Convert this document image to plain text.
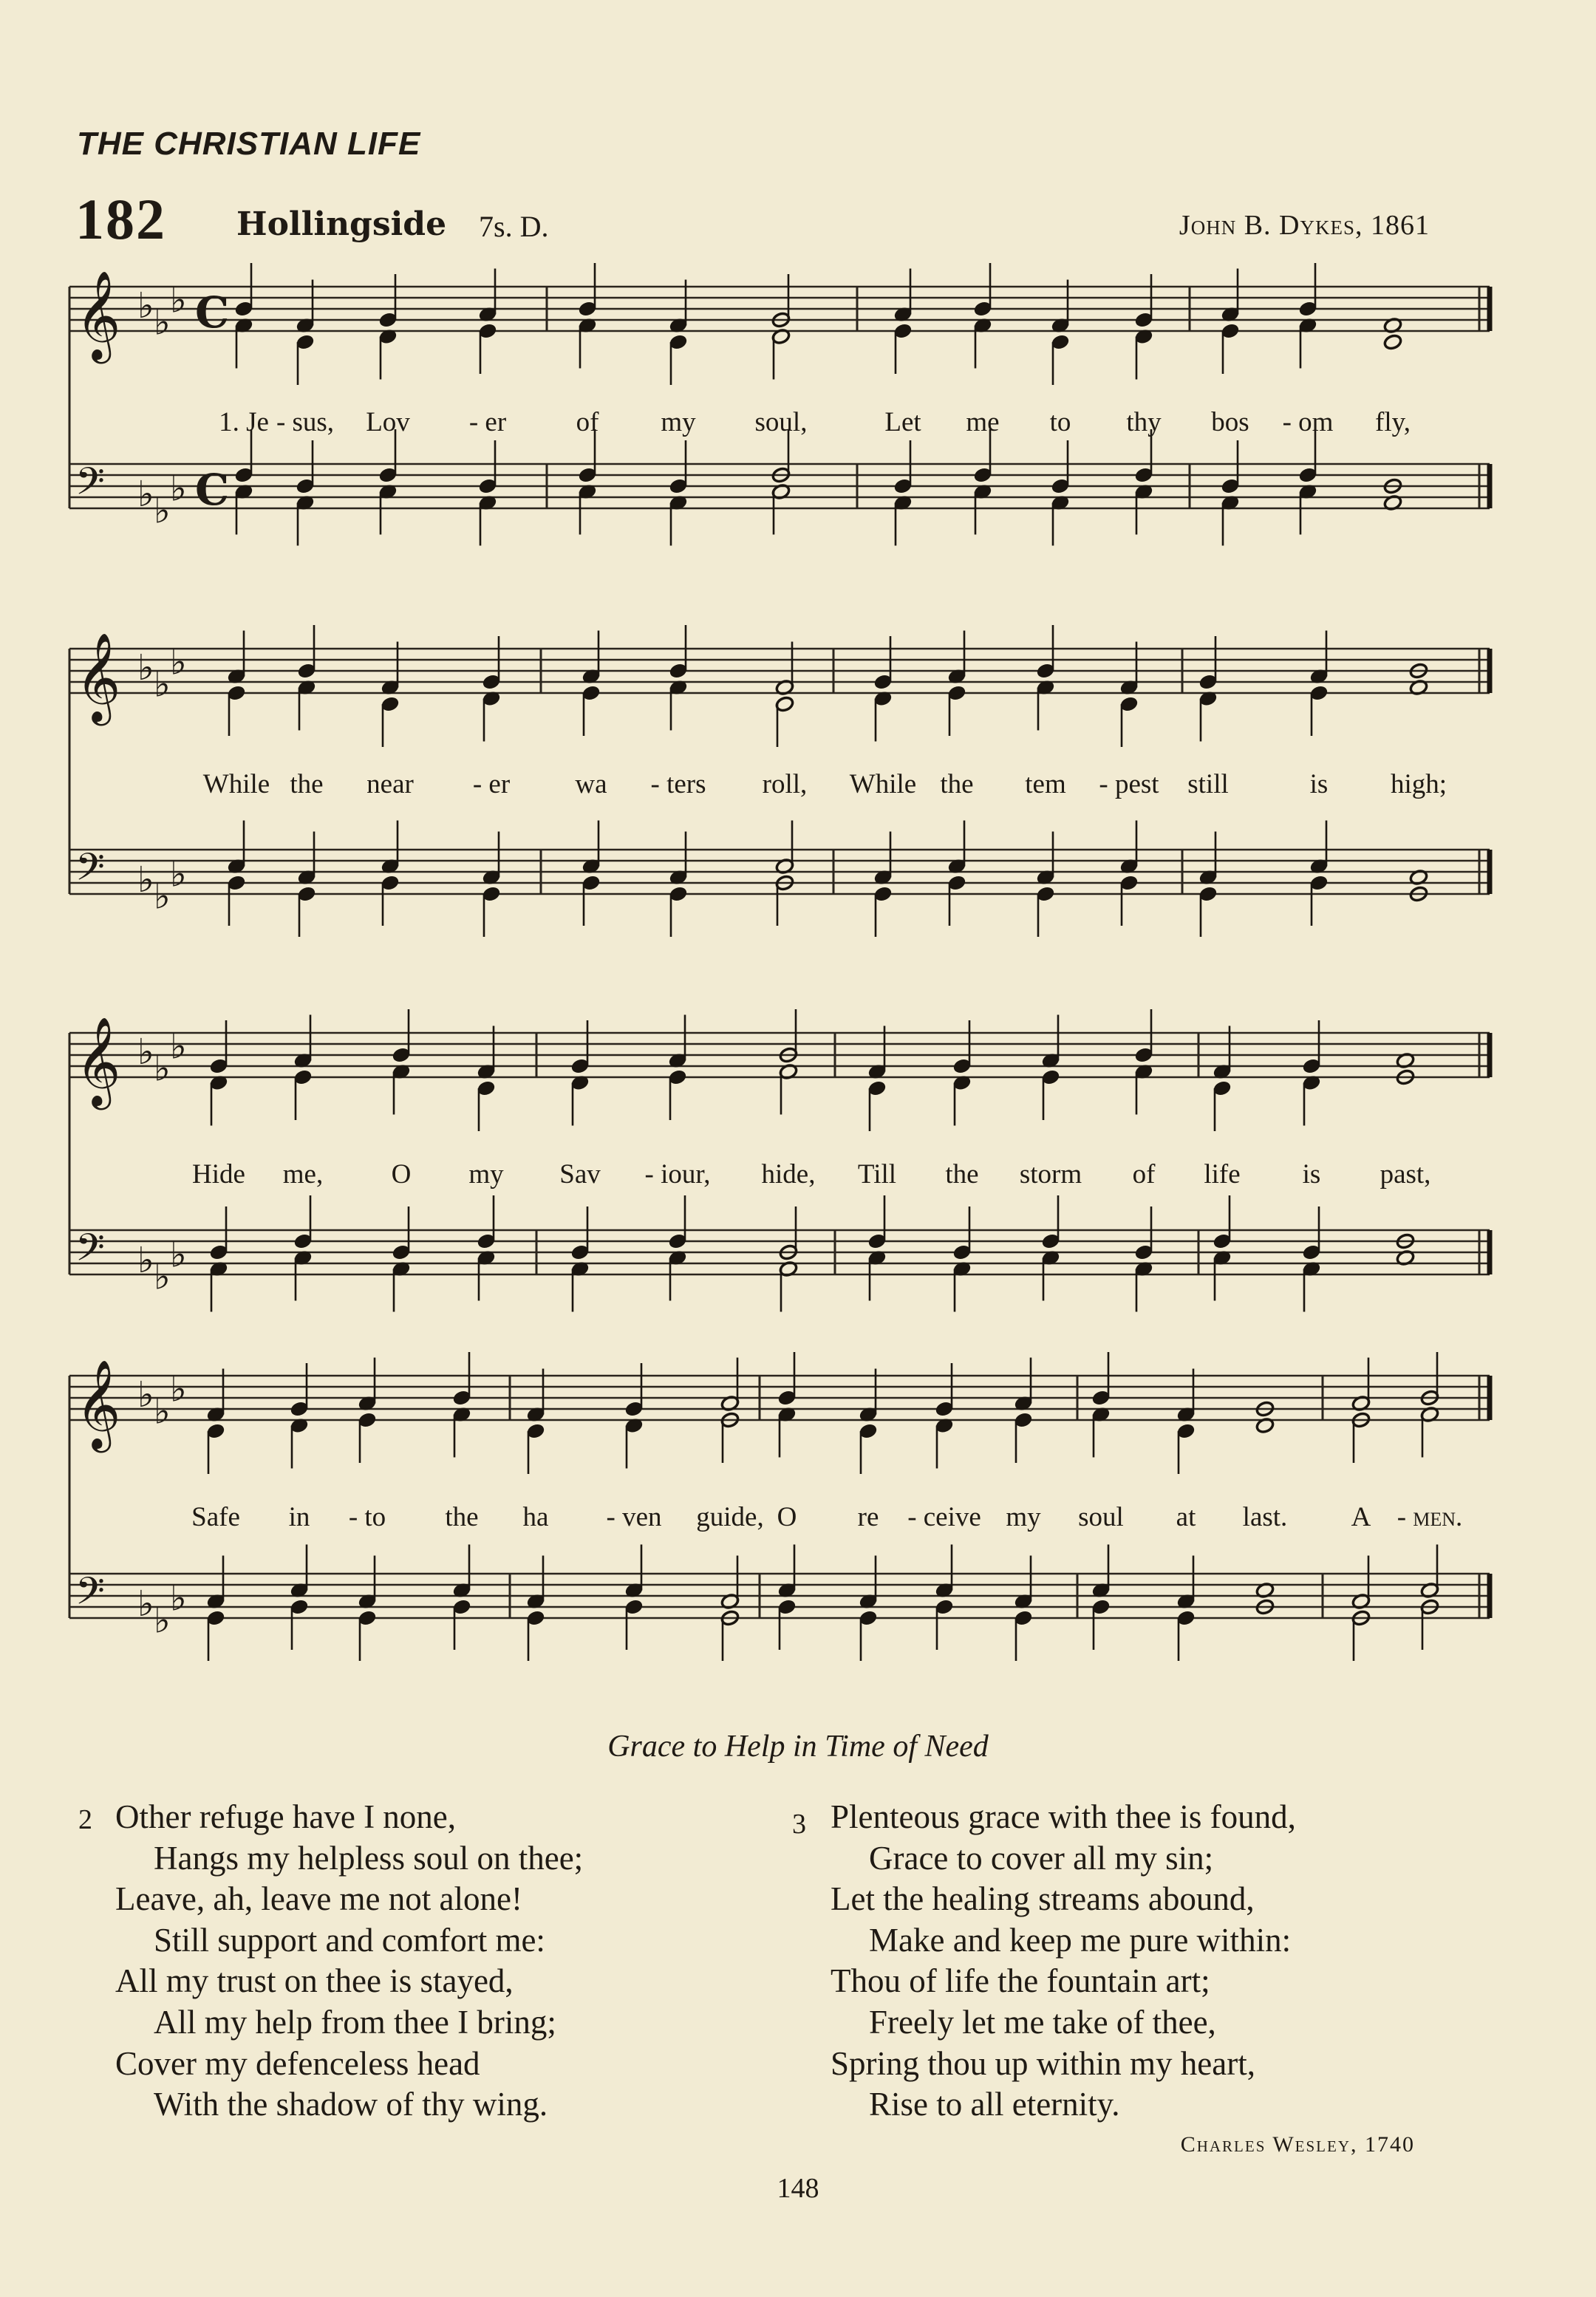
THE CHRISTIAN LIFE
182 Hollingside 7s. D.	John B. Dykes, 1861
𝄞 ♭ ♭
♭ C
𝄢 ♭ ♭
♭ C
𝄞 ♭ ♭
♭
𝄢 ♭ ♭
♭
𝄞 ♭ ♭
♭
𝄢 ♭ ♭
♭
𝄞 ♭ ♭
♭
𝄢 ♭ ♭
♭
1. Je - sus, Lov - er	of my soul,	Let me to thy bos - om fly,
While the near - er wa - ters roll, While the tem - pest still	is high;
Hide me, O my Sav - iour, hide, Till the storm of life is past,
Safe in - to the ha - ven guide, O re - ceive my soul at last. A - men.
Grace to Help in Time of Need
2 Other refuge have I none,
Hangs my helpless soul on thee;
Leave, ah, leave me not alone!
Still support and comfort me:
All my trust on thee is stayed,
All my help from thee I bring;
Cover my defenceless head
With the shadow of thy wing.
3 Plenteous grace with thee is found,
Grace to cover all my sin;
Let the healing streams abound,
Make and keep me pure within:
Thou of life the fountain art;
Freely let me take of thee,
Spring thou up within my heart,
Rise to all eternity.
Charles Wesley, 1740
148
